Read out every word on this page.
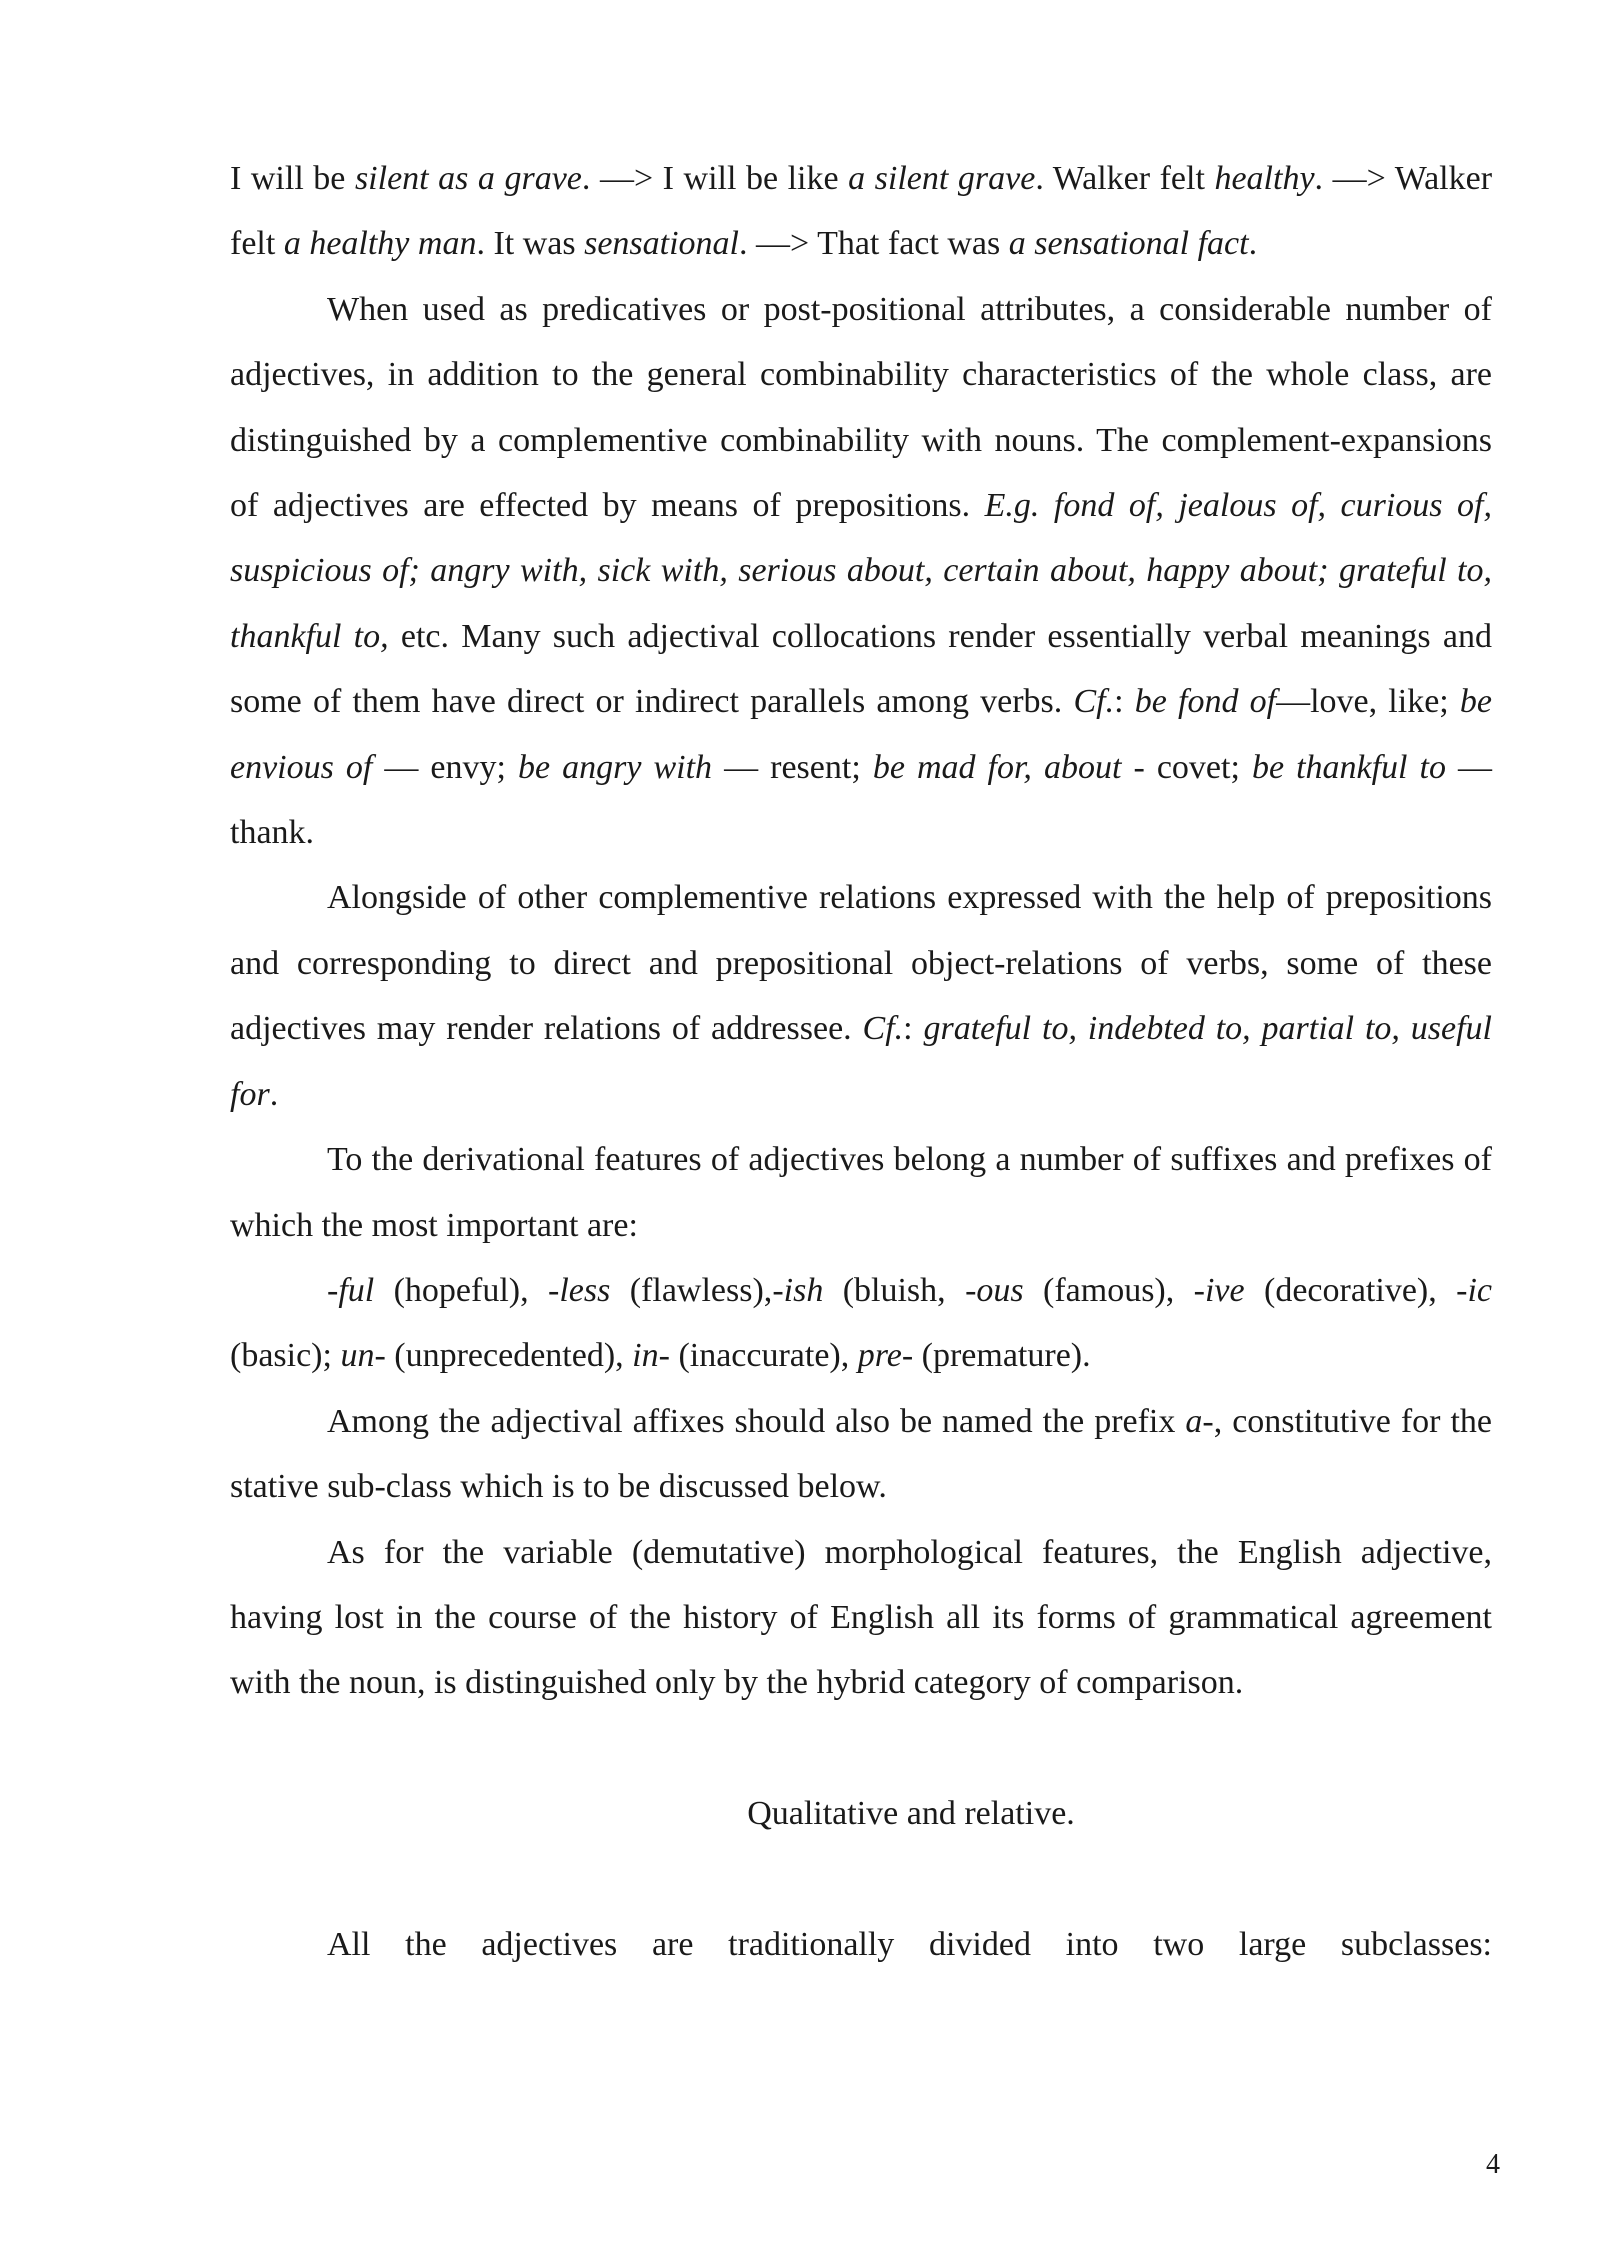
I will be silent as a grave. —> I will be like a silent grave. Walker felt healthy. —> Walker felt a healthy man. It was sensational. —> That fact was a sensational fact.

When used as predicatives or post-positional attributes, a considerable number of adjectives, in addition to the general combinability characteristics of the whole class, are distinguished by a complementive combinability with nouns. The complement-expansions of adjectives are effected by means of prepositions. E.g. fond of, jealous of, curious of, suspicious of; angry with, sick with, serious about, certain about, happy about; grateful to, thankful to, etc. Many such adjectival collocations render essentially verbal meanings and some of them have direct or indirect parallels among verbs. Cf.: be fond of—love, like; be envious of — envy; be angry with — resent; be mad for, about - covet; be thankful to — thank.

Alongside of other complementive relations expressed with the help of prepositions and corresponding to direct and prepositional object-relations of verbs, some of these adjectives may render relations of addressee. Cf.: grateful to, indebted to, partial to, useful for.

To the derivational features of adjectives belong a number of suffixes and prefixes of which the most important are:

-ful (hopeful), -less (flawless),-ish (bluish, -ous (famous), -ive (decorative), -ic (basic); un- (unprecedented), in- (inaccurate), pre- (premature).

Among the adjectival affixes should also be named the prefix a-, constitutive for the stative sub-class which is to be discussed below.

As for the variable (demutative) morphological features, the English adjective, having lost in the course of the history of English all its forms of grammatical agreement with the noun, is distinguished only by the hybrid category of comparison.

Qualitative and relative.

All the adjectives are traditionally divided into two large subclasses:

4
